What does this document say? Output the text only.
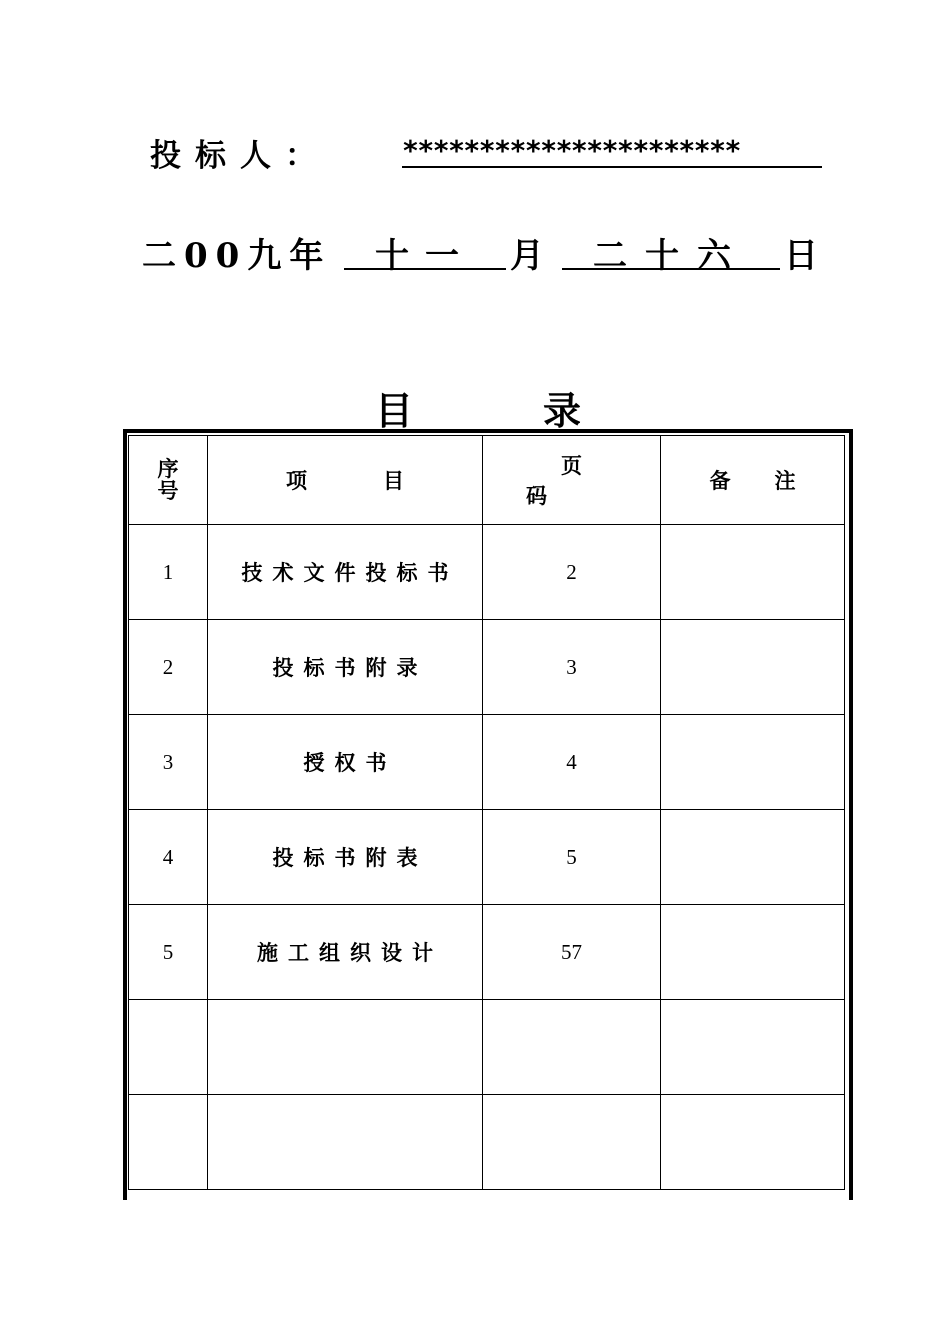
投标人：	**********************
二00九年	十一	月	二十六	日
目录
序号	项目	页码	备注
1	技术文件投标书	2	
2	投标书附录	3	
3	授权书	4	
4	投标书附表	5	
5	施工组织设计	57	
